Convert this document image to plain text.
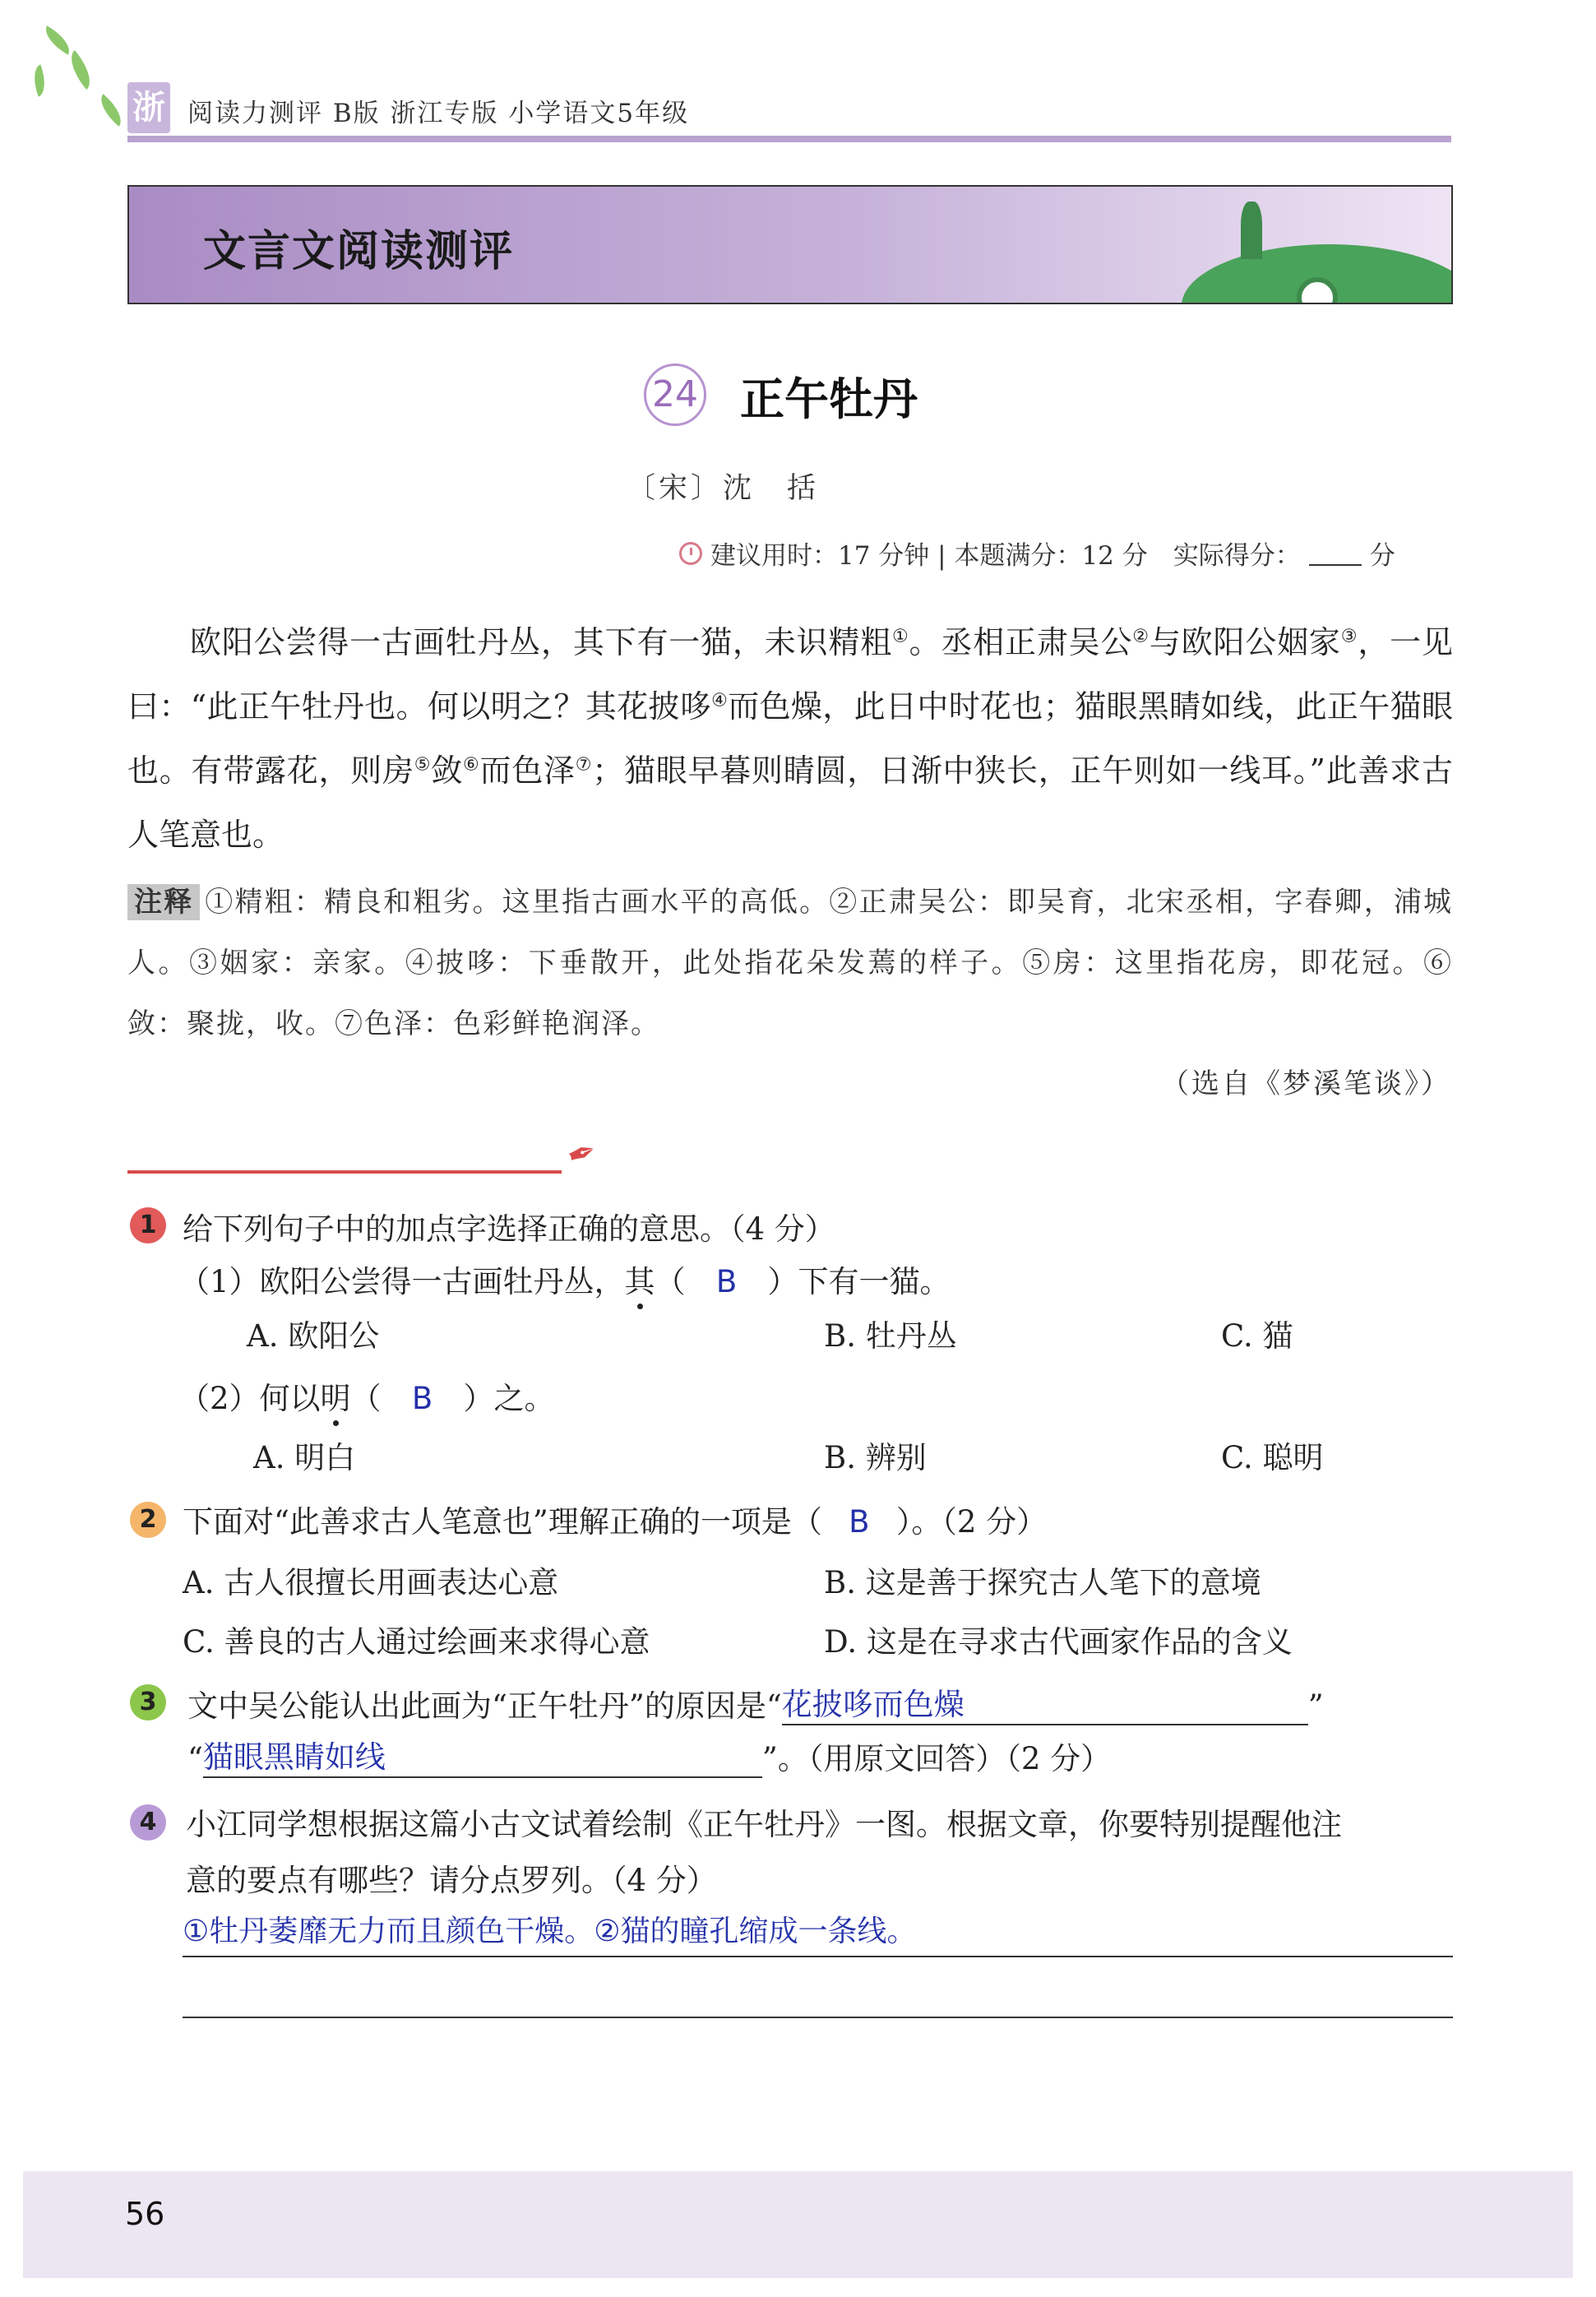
浙 阅读力测评 B版 浙江专版 小学语文5年级
文言文阅读测评
24 正午牡丹
〔宋〕沈　括
建议用时：17 分钟 | 本题满分：12 分　实际得分：	分

欧阳公尝得一古画牡丹丛，其下有一猫，未识精粗①。丞相正肃吴公②与欧阳公姻家③，一见曰：“此正午牡丹也。何以明之？其花披哆④而色燥，此日中时花也；猫眼黑睛如线，此正午猫眼也。有带露花，则房⑤敛⑥而色泽⑦；猫眼早暮则睛圆，日渐中狭长，正午则如一线耳。”此善求古人笔意也。

注释 ①精粗：精良和粗劣。这里指古画水平的高低。②正肃吴公：即吴育，北宋丞相，字春卿，浦城人。③姻家：亲家。④披哆：下垂散开，此处指花朵发蔫的样子。⑤房：这里指花房，即花冠。⑥敛：聚拢，收。⑦色泽：色彩鲜艳润泽。
（选自《梦溪笔谈》）
✒
1 给下列句子中的加点字选择正确的意思。（4 分）
（1）欧阳公尝得一古画牡丹丛，其（ B ）下有一猫。
A. 欧阳公	B. 牡丹丛	C. 猫
（2）何以明（ B ）之。
A. 明白	B. 辨别	C. 聪明
2 下面对“此善求古人笔意也”理解正确的一项是（ B ）。（2 分）
A. 古人很擅长用画表达心意	B. 这是善于探究古人笔下的意境
C. 善良的古人通过绘画来求得心意	D. 这是在寻求古代画家作品的含义
3	文中吴公能认出此画为“正午牡丹”的原因是“花披哆而色燥	”
“猫眼黑睛如线	”。（用原文回答）（2 分）
4 小江同学想根据这篇小古文试着绘制《正午牡丹》一图。根据文章，你要特别提醒他注
意的要点有哪些？请分点罗列。（4 分）
①牡丹萎靡无力而且颜色干燥。②猫的瞳孔缩成一条线。
56
